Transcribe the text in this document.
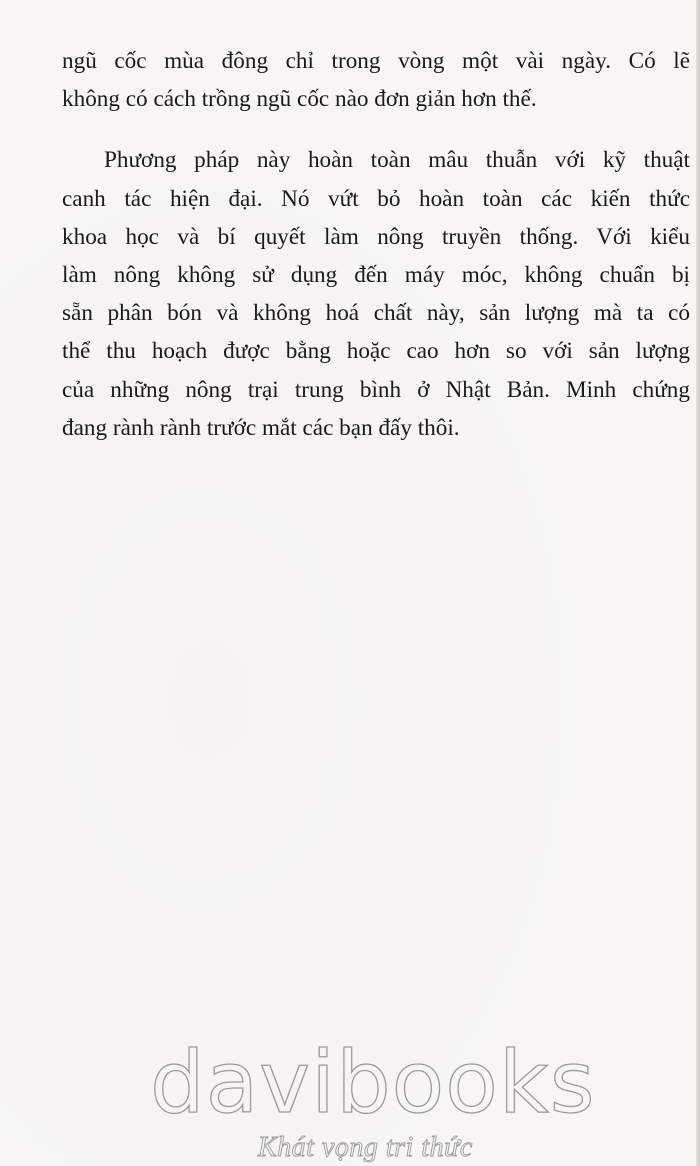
ngũ cốc mùa đông chỉ trong vòng một vài ngày. Có lẽ
không có cách trồng ngũ cốc nào đơn giản hơn thế.
Phương pháp này hoàn toàn mâu thuẫn với kỹ thuật
canh tác hiện đại. Nó vứt bỏ hoàn toàn các kiến thức
khoa học và bí quyết làm nông truyền thống. Với kiểu
làm nông không sử dụng đến máy móc, không chuẩn bị
sẵn phân bón và không hoá chất này, sản lượng mà ta có
thể thu hoạch được bằng hoặc cao hơn so với sản lượng
của những nông trại trung bình ở Nhật Bản. Minh chứng
đang rành rành trước mắt các bạn đấy thôi.
davibooks
Khát vọng tri thức
